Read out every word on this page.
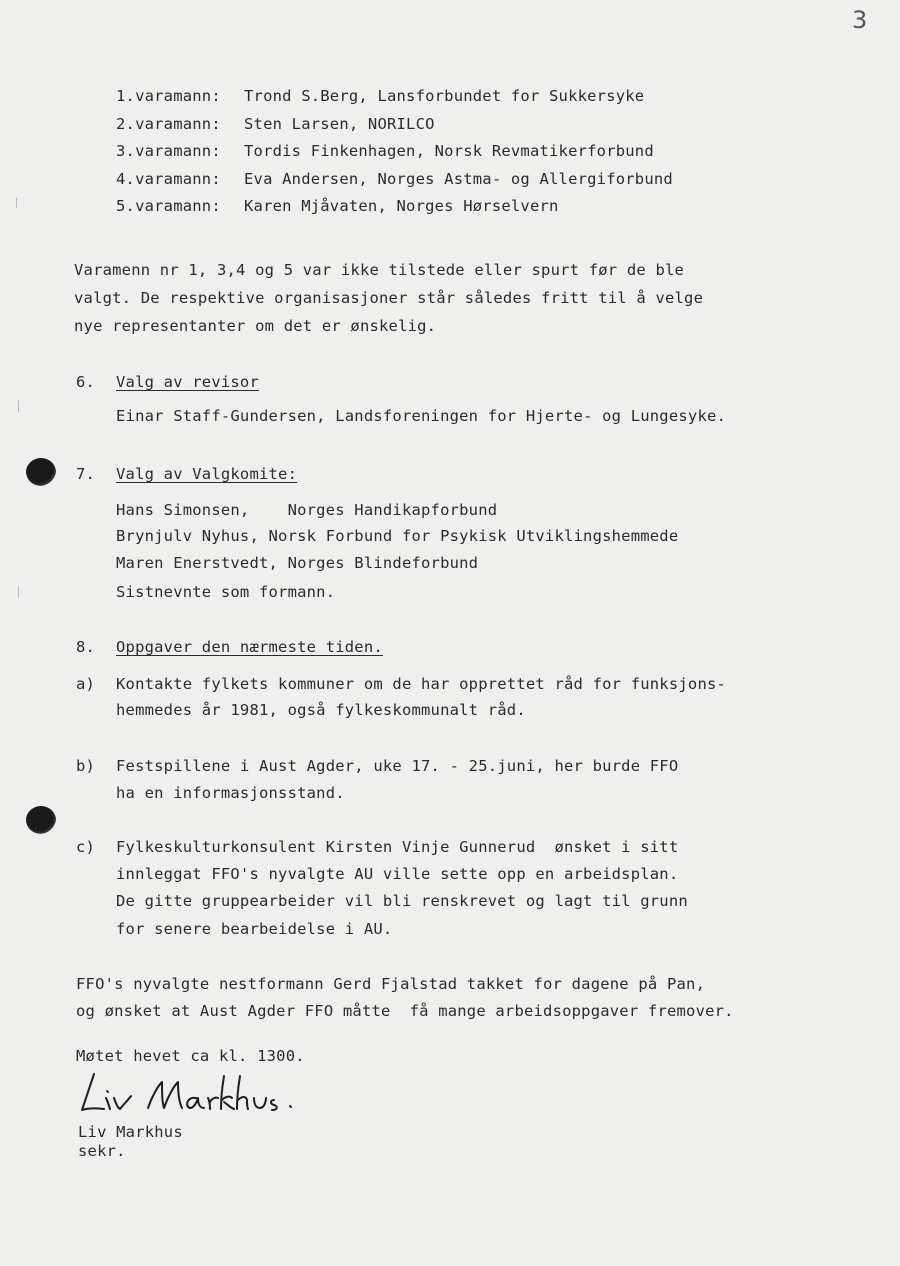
3
1.varamann: Trond S.Berg, Lansforbundet for Sukkersyke
2.varamann: Sten Larsen, NORILCO
3.varamann: Tordis Finkenhagen, Norsk Revmatikerforbund
4.varamann: Eva Andersen, Norges Astma- og Allergiforbund
5.varamann: Karen Mjåvaten, Norges Hørselvern
Varamenn nr 1, 3,4 og 5 var ikke tilstede eller spurt før de ble
valgt. De respektive organisasjoner står således fritt til å velge
nye representanter om det er ønskelig.
6. Valg av revisor
Einar Staff-Gundersen, Landsforeningen for Hjerte- og Lungesyke.
7. Valg av Valgkomite:
Hans Simonsen,    Norges Handikapforbund
Brynjulv Nyhus, Norsk Forbund for Psykisk Utviklingshemmede
Maren Enerstvedt, Norges Blindeforbund
Sistnevnte som formann.
8. Oppgaver den nærmeste tiden.
a) Kontakte fylkets kommuner om de har opprettet råd for funksjons-
hemmedes år 1981, også fylkeskommunalt råd.
b) Festspillene i Aust Agder, uke 17. - 25.juni, her burde FFO
ha en informasjonsstand.
c) Fylkeskulturkonsulent Kirsten Vinje Gunnerud  ønsket i sitt
innleggat FFO's nyvalgte AU ville sette opp en arbeidsplan.
De gitte gruppearbeider vil bli renskrevet og lagt til grunn
for senere bearbeidelse i AU.
FFO's nyvalgte nestformann Gerd Fjalstad takket for dagene på Pan,
og ønsket at Aust Agder FFO måtte  få mange arbeidsoppgaver fremover.
Møtet hevet ca kl. 1300.
Liv Markhus
sekr.
